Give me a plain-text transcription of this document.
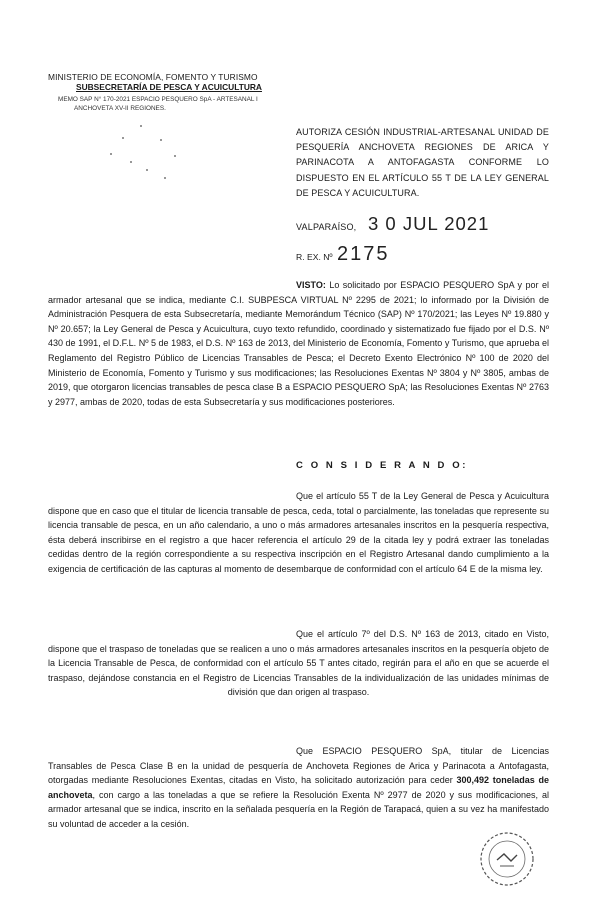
MINISTERIO DE ECONOMÍA, FOMENTO Y TURISMO
SUBSECRETARÍA DE PESCA Y ACUICULTURA
MEMO SAP N° 170-2021 ESPACIO PESQUERO SpA - ARTESANAL I
ANCHOVETA XV-II REGIONES.
AUTORIZA CESIÓN INDUSTRIAL-ARTESANAL UNIDAD DE PESQUERÍA ANCHOVETA REGIONES DE ARICA Y PARINACOTA A ANTOFAGASTA CONFORME LO DISPUESTO EN EL ARTÍCULO 55 T DE LA LEY GENERAL DE PESCA Y ACUICULTURA.
VALPARAÍSO, 3 0 JUL 2021
R. EX. Nº 2175
VISTO: Lo solicitado por ESPACIO PESQUERO SpA y por el armador artesanal que se indica, mediante C.I. SUBPESCA VIRTUAL Nº 2295 de 2021; lo informado por la División de Administración Pesquera de esta Subsecretaría, mediante Memorándum Técnico (SAP) Nº 170/2021; las Leyes Nº 19.880 y Nº 20.657; la Ley General de Pesca y Acuicultura, cuyo texto refundido, coordinado y sistematizado fue fijado por el D.S. Nº 430 de 1991, el D.F.L. Nº 5 de 1983, el D.S. Nº 163 de 2013, del Ministerio de Economía, Fomento y Turismo, que aprueba el Reglamento del Registro Público de Licencias Transables de Pesca; el Decreto Exento Electrónico Nº 100 de 2020 del Ministerio de Economía, Fomento y Turismo y sus modificaciones; las Resoluciones Exentas Nº 3804 y Nº 3805, ambas de 2019, que otorgaron licencias transables de pesca clase B a ESPACIO PESQUERO SpA; las Resoluciones Exentas Nº 2763 y 2977, ambas de 2020, todas de esta Subsecretaría y sus modificaciones posteriores.
C O N S I D E R A N D O:
Que el artículo 55 T de la Ley General de Pesca y Acuicultura dispone que en caso que el titular de licencia transable de pesca, ceda, total o parcialmente, las toneladas que represente su licencia transable de pesca, en un año calendario, a uno o más armadores artesanales inscritos en la pesquería respectiva, ésta deberá inscribirse en el registro a que hacer referencia el artículo 29 de la citada ley y podrá extraer las toneladas cedidas dentro de la región correspondiente a su respectiva inscripción en el Registro Artesanal dando cumplimiento a la exigencia de certificación de las capturas al momento de desembarque de conformidad con el artículo 64 E de la misma ley.
Que el artículo 7º del D.S. Nº 163 de 2013, citado en Visto, dispone que el traspaso de toneladas que se realicen a uno o más armadores artesanales inscritos en la pesquería objeto de la Licencia Transable de Pesca, de conformidad con el artículo 55 T antes citado, regirán para el año en que se acuerde el traspaso, dejándose constancia en el Registro de Licencias Transables de la individualización de las unidades mínimas de división que dan origen al traspaso.
Que ESPACIO PESQUERO SpA, titular de Licencias Transables de Pesca Clase B en la unidad de pesquería de Anchoveta Regiones de Arica y Parinacota a Antofagasta, otorgadas mediante Resoluciones Exentas, citadas en Visto, ha solicitado autorización para ceder 300,492 toneladas de anchoveta, con cargo a las toneladas a que se refiere la Resolución Exenta Nº 2977 de 2020 y sus modificaciones, al armador artesanal que se indica, inscrito en la señalada pesquería en la Región de Tarapacá, quien a su vez ha manifestado su voluntad de acceder a la cesión.
